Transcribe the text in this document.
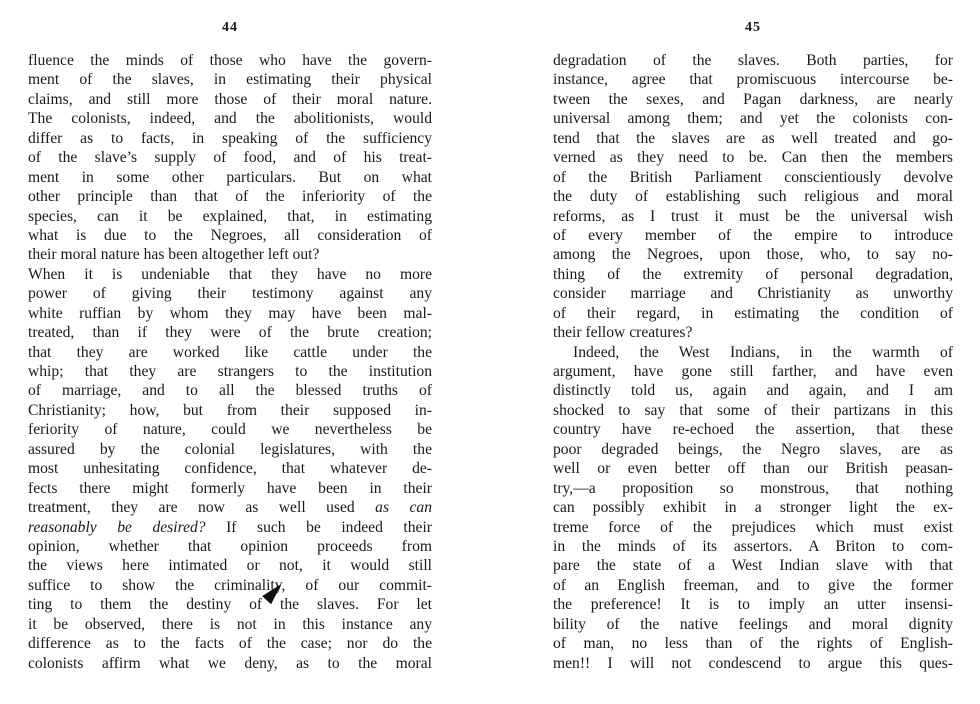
44
fluence the minds of those who have the govern-
ment of the slaves, in estimating their physical
claims, and still more those of their moral nature.
The colonists, indeed, and the abolitionists, would
differ as to facts, in speaking of the sufficiency
of the slave’s supply of food, and of his treat-
ment in some other particulars. But on what
other principle than that of the inferiority of the
species, can it be explained, that, in estimating
what is due to the Negroes, all consideration of
their moral nature has been altogether left out?
When it is undeniable that they have no more
power of giving their testimony against any
white ruffian by whom they may have been mal-
treated, than if they were of the brute creation;
that they are worked like cattle under the
whip; that they are strangers to the institution
of marriage, and to all the blessed truths of
Christianity; how, but from their supposed in-
feriority of nature, could we nevertheless be
assured by the colonial legislatures, with the
most unhesitating confidence, that whatever de-
fects there might formerly have been in their
treatment, they are now as well used as can
reasonably be desired? If such be indeed their
opinion, whether that opinion proceeds from
the views here intimated or not, it would still
suffice to show the criminality, of our commit-
ting to them the destiny of the slaves. For let
it be observed, there is not in this instance any
difference as to the facts of the case; nor do the
colonists affirm what we deny, as to the moral
45
degradation of the slaves. Both parties, for
instance, agree that promiscuous intercourse be-
tween the sexes, and Pagan darkness, are nearly
universal among them; and yet the colonists con-
tend that the slaves are as well treated and go-
verned as they need to be. Can then the members
of the British Parliament conscientiously devolve
the duty of establishing such religious and moral
reforms, as I trust it must be the universal wish
of every member of the empire to introduce
among the Negroes, upon those, who, to say no-
thing of the extremity of personal degradation,
consider marriage and Christianity as unworthy
of their regard, in estimating the condition of
their fellow creatures?
Indeed, the West Indians, in the warmth of
argument, have gone still farther, and have even
distinctly told us, again and again, and I am
shocked to say that some of their partizans in this
country have re-echoed the assertion, that these
poor degraded beings, the Negro slaves, are as
well or even better off than our British peasan-
try,—a proposition so monstrous, that nothing
can possibly exhibit in a stronger light the ex-
treme force of the prejudices which must exist
in the minds of its assertors. A Briton to com-
pare the state of a West Indian slave with that
of an English freeman, and to give the former
the preference! It is to imply an utter insensi-
bility of the native feelings and moral dignity
of man, no less than of the rights of English-
men!! I will not condescend to argue this ques-
